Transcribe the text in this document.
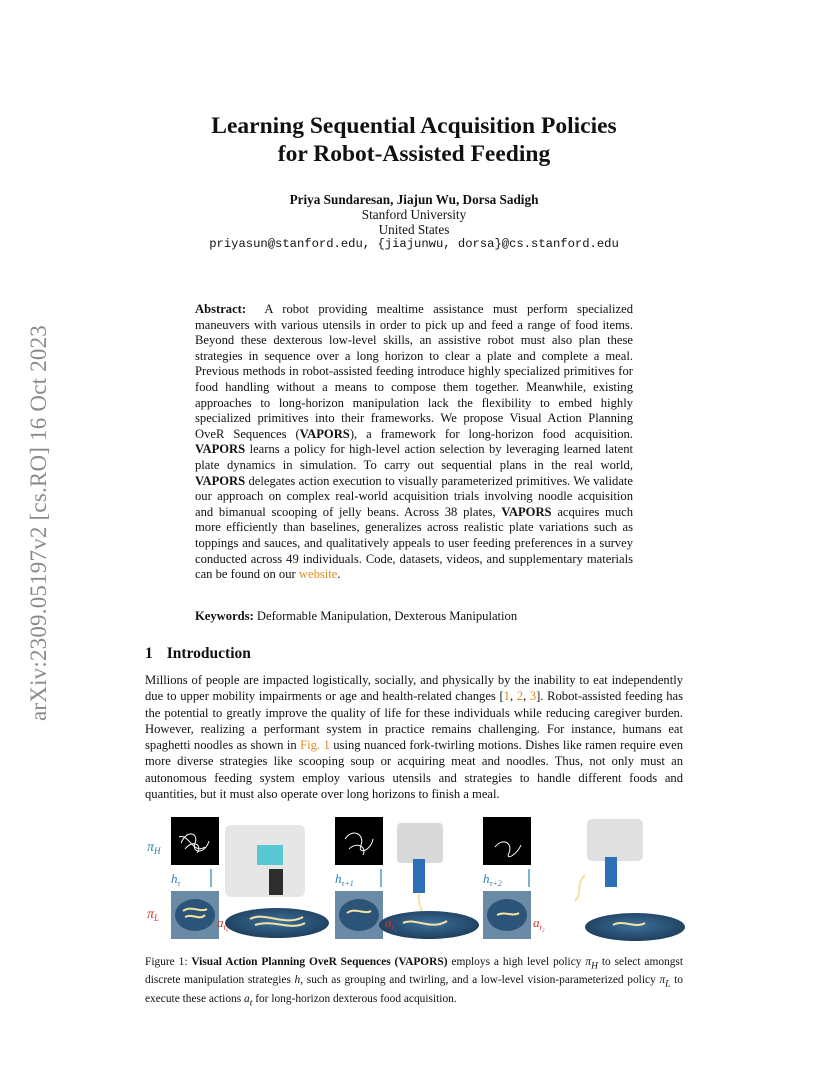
arXiv:2309.05197v2 [cs.RO] 16 Oct 2023
Learning Sequential Acquisition Policies
for Robot-Assisted Feeding
Priya Sundaresan, Jiajun Wu, Dorsa Sadigh
Stanford University
United States
priyasun@stanford.edu, {jiajunwu, dorsa}@cs.stanford.edu
Abstract: A robot providing mealtime assistance must perform specialized maneuvers with various utensils in order to pick up and feed a range of food items. Beyond these dexterous low-level skills, an assistive robot must also plan these strategies in sequence over a long horizon to clear a plate and complete a meal. Previous methods in robot-assisted feeding introduce highly specialized primitives for food handling without a means to compose them together. Meanwhile, existing approaches to long-horizon manipulation lack the flexibility to embed highly specialized primitives into their frameworks. We propose Visual Action Planning OveR Sequences (VAPORS), a framework for long-horizon food acquisition. VAPORS learns a policy for high-level action selection by leveraging learned latent plate dynamics in simulation. To carry out sequential plans in the real world, VAPORS delegates action execution to visually parameterized primitives. We validate our approach on complex real-world acquisition trials involving noodle acquisition and bimanual scooping of jelly beans. Across 38 plates, VAPORS acquires much more efficiently than baselines, generalizes across realistic plate variations such as toppings and sauces, and qualitatively appeals to user feeding preferences in a survey conducted across 49 individuals. Code, datasets, videos, and supplementary materials can be found on our website.
Keywords: Deformable Manipulation, Dexterous Manipulation
1 Introduction
Millions of people are impacted logistically, socially, and physically by the inability to eat independently due to upper mobility impairments or age and health-related changes [1, 2, 3]. Robot-assisted feeding has the potential to greatly improve the quality of life for these individuals while reducing caregiver burden. However, realizing a performant system in practice remains challenging. For instance, humans eat spaghetti noodles as shown in Fig. 1 using nuanced fork-twirling motions. Dishes like ramen require even more diverse strategies like scooping soup or acquiring meat and noodles. Thus, not only must an autonomous feeding system employ various utensils and strategies to handle different foods and quantities, but it must also operate over long horizons to finish a meal.
$\pi_H$
$\pi_L$
$h_\tau$
$a_{t_0}$
$h_{\tau+1}$
$a_{t_1}$
$h_{\tau+2}$
$a_{t_2}$
Figure 1: Visual Action Planning OveR Sequences (VAPORS) employs a high level policy $\pi_H$ to select amongst discrete manipulation strategies h, such as grouping and twirling, and a low-level vision-parameterized policy $\pi_L$ to execute these actions $a_t$ for long-horizon dexterous food acquisition.
